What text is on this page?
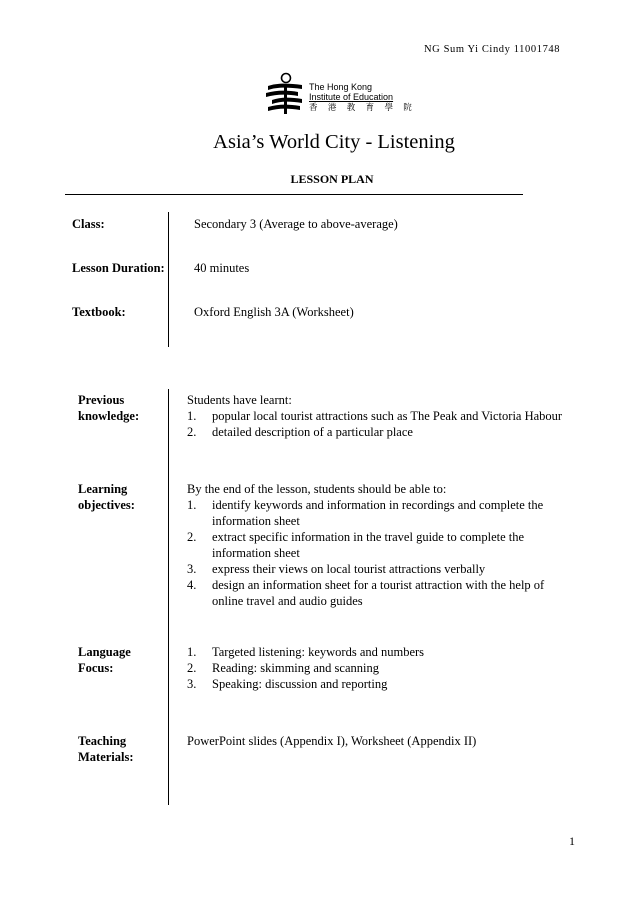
NG Sum Yi Cindy 11001748
The Hong Kong
Institute of Education
香 港 教 育 學 院
Asia’s World City - Listening
LESSON PLAN
Class:	Secondary 3 (Average to above-average)
Lesson Duration: 40 minutes
Textbook:	Oxford English 3A (Worksheet)
Previous
knowledge:

Students have learnt:

1. popular local tourist attractions such as The Peak and Victoria Habour
2. detailed description of a particular place
Learning
objectives:

By the end of the lesson, students should be able to:

1. identify keywords and information in recordings and complete the
information sheet
2. extract specific information in the travel guide to complete the
information sheet
3. express their views on local tourist attractions verbally
4. design an information sheet for a tourist attraction with the help of
online travel and audio guides
Language
Focus:
1. Targeted listening: keywords and numbers
2. Reading: skimming and scanning
3. Speaking: discussion and reporting
Teaching
Materials:
PowerPoint slides (Appendix I), Worksheet (Appendix II)
1
